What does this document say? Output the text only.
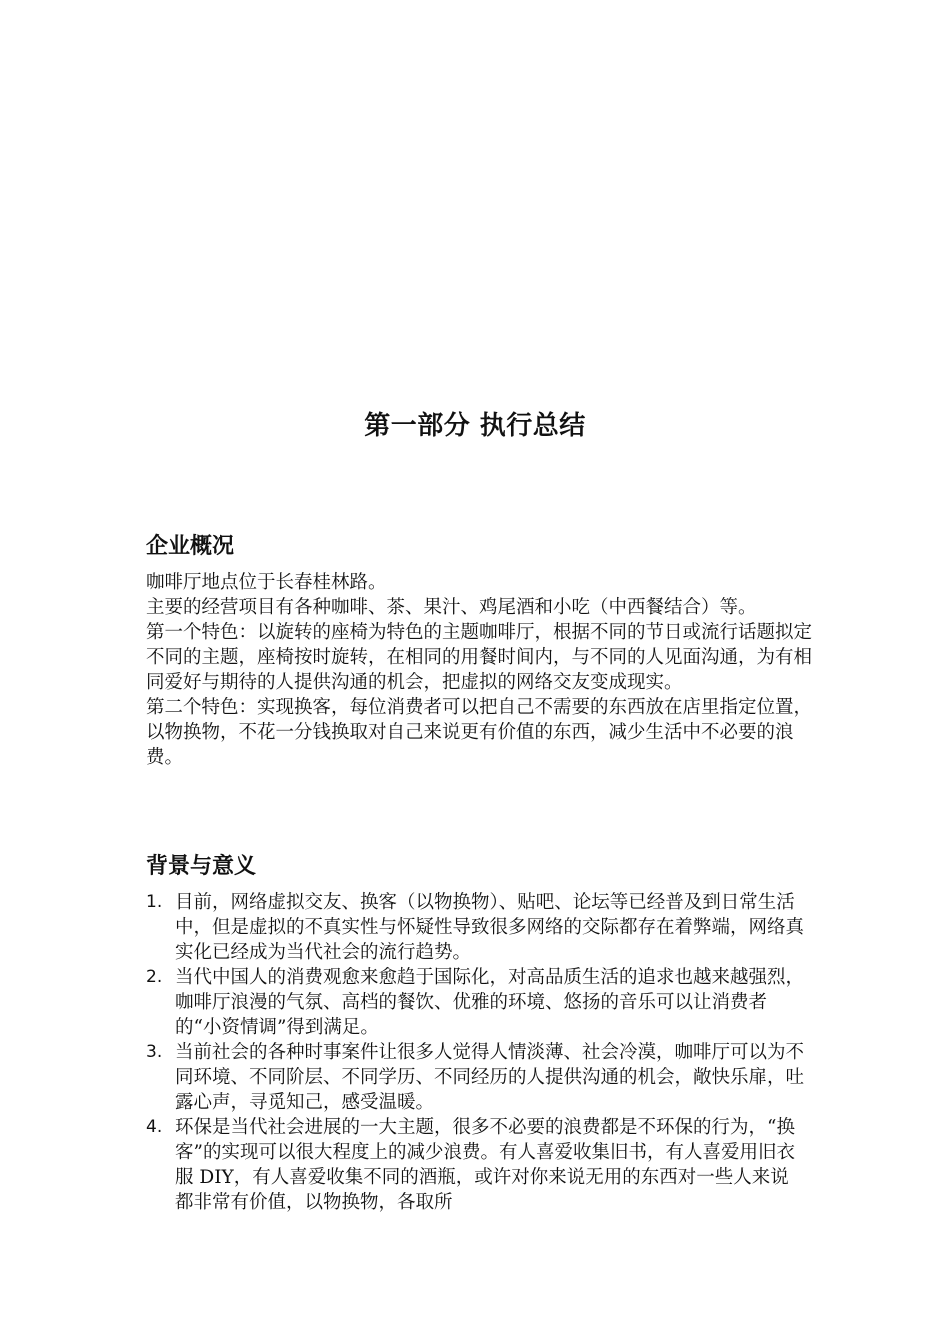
第一部分 执行总结
企业概况

咖啡厅地点位于长春桂林路。

主要的经营项目有各种咖啡、茶、果汁、鸡尾酒和小吃（中西餐结合）等。

第一个特色：以旋转的座椅为特色的主题咖啡厅，根据不同的节日或流行话题拟定不同的主题，座椅按时旋转，在相同的用餐时间内，与不同的人见面沟通，为有相同爱好与期待的人提供沟通的机会，把虚拟的网络交友变成现实。

第二个特色：实现换客，每位消费者可以把自己不需要的东西放在店里指定位置，以物换物，不花一分钱换取对自己来说更有价值的东西，减少生活中不必要的浪费。

背景与意义
1. 目前，网络虚拟交友、换客（以物换物）、贴吧、论坛等已经普及到日常生活中，但是虚拟的不真实性与怀疑性导致很多网络的交际都存在着弊端，网络真实化已经成为当代社会的流行趋势。
2. 当代中国人的消费观愈来愈趋于国际化，对高品质生活的追求也越来越强烈，咖啡厅浪漫的气氛、高档的餐饮、优雅的环境、悠扬的音乐可以让消费者的“小资情调”得到满足。
3. 当前社会的各种时事案件让很多人觉得人情淡薄、社会冷漠，咖啡厅可以为不同环境、不同阶层、不同学历、不同经历的人提供沟通的机会，敞快乐扉，吐露心声，寻觅知己，感受温暖。
4. 环保是当代社会进展的一大主题，很多不必要的浪费都是不环保的行为，“换客”的实现可以很大程度上的减少浪费。有人喜爱收集旧书，有人喜爱用旧衣服 DIY，有人喜爱收集不同的酒瓶，或许对你来说无用的东西对一些人来说都非常有价值，以物换物，各取所
